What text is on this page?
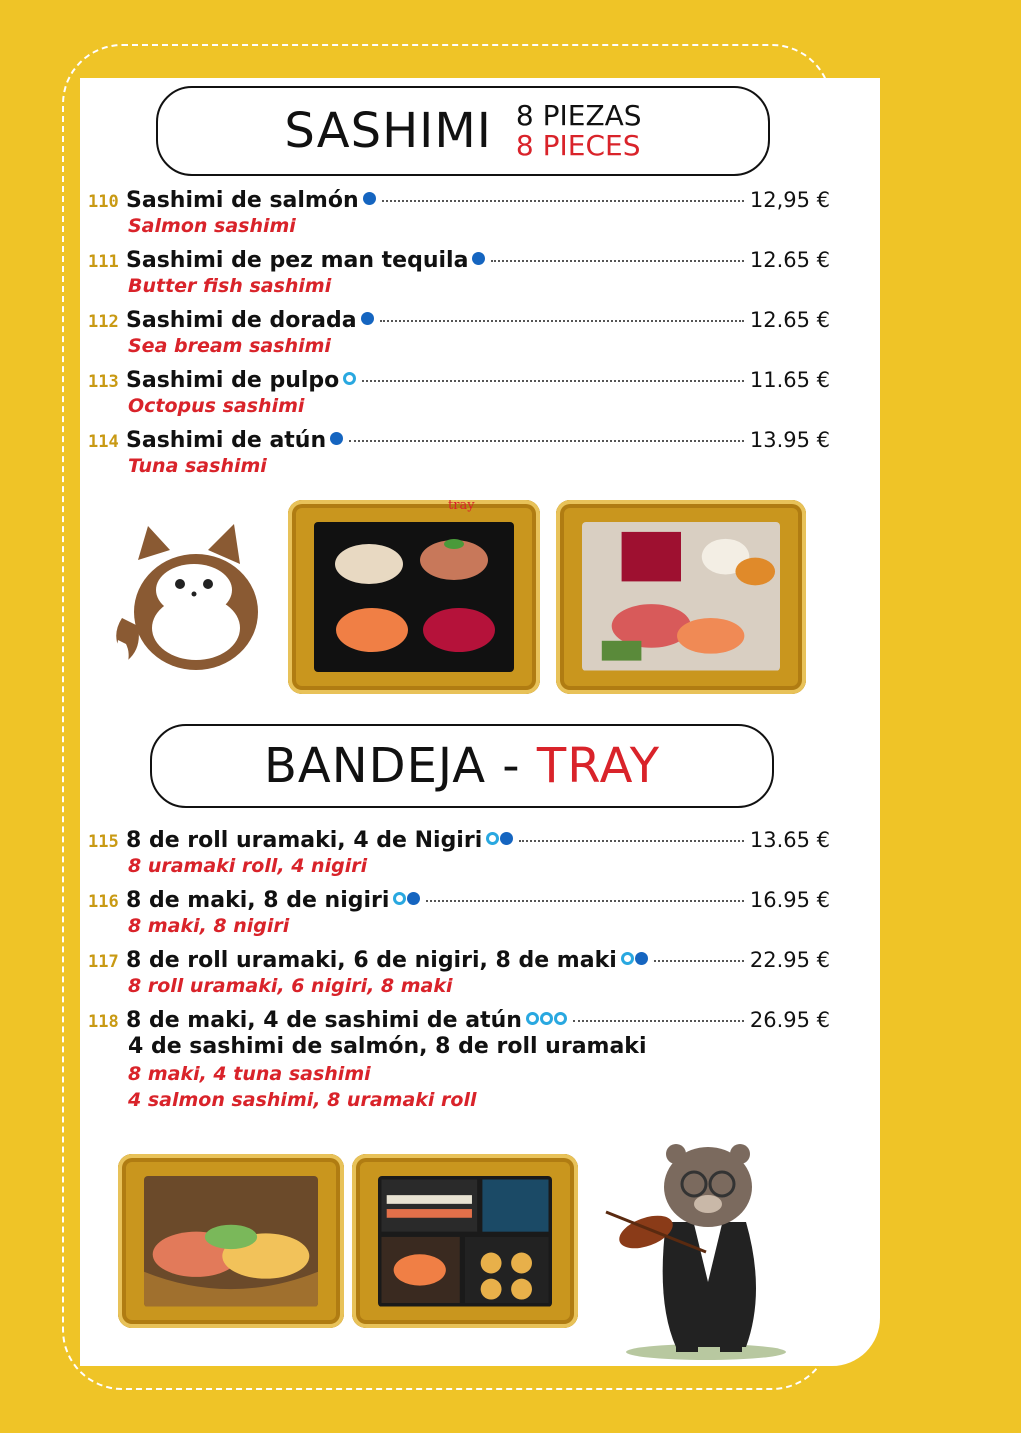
SASHIMI 8 PIEZAS
8 PIECES
110 Sashimi de salmón	12,95 €
Salmon sashimi
111 Sashimi de pez man tequila	12.65 €
Butter fish sashimi
112 Sashimi de dorada	12.65 €
Sea bream sashimi
113 Sashimi de pulpo	11.65 €
Octopus sashimi
114 Sashimi de atún	13.95 €
Tuna sashimi
tray
BANDEJA - TRAY
115 8 de roll uramaki, 4 de Nigiri	13.65 €
8 uramaki roll, 4 nigiri
116 8 de maki, 8 de nigiri	16.95 €
8 maki, 8 nigiri
117 8 de roll uramaki, 6 de nigiri, 8 de maki	22.95 €
8 roll uramaki, 6 nigiri, 8 maki
118 8 de maki, 4 de sashimi de atún	26.95 €
4 de sashimi de salmón, 8 de roll uramaki
8 maki, 4 tuna sashimi
4 salmon sashimi, 8 uramaki roll
